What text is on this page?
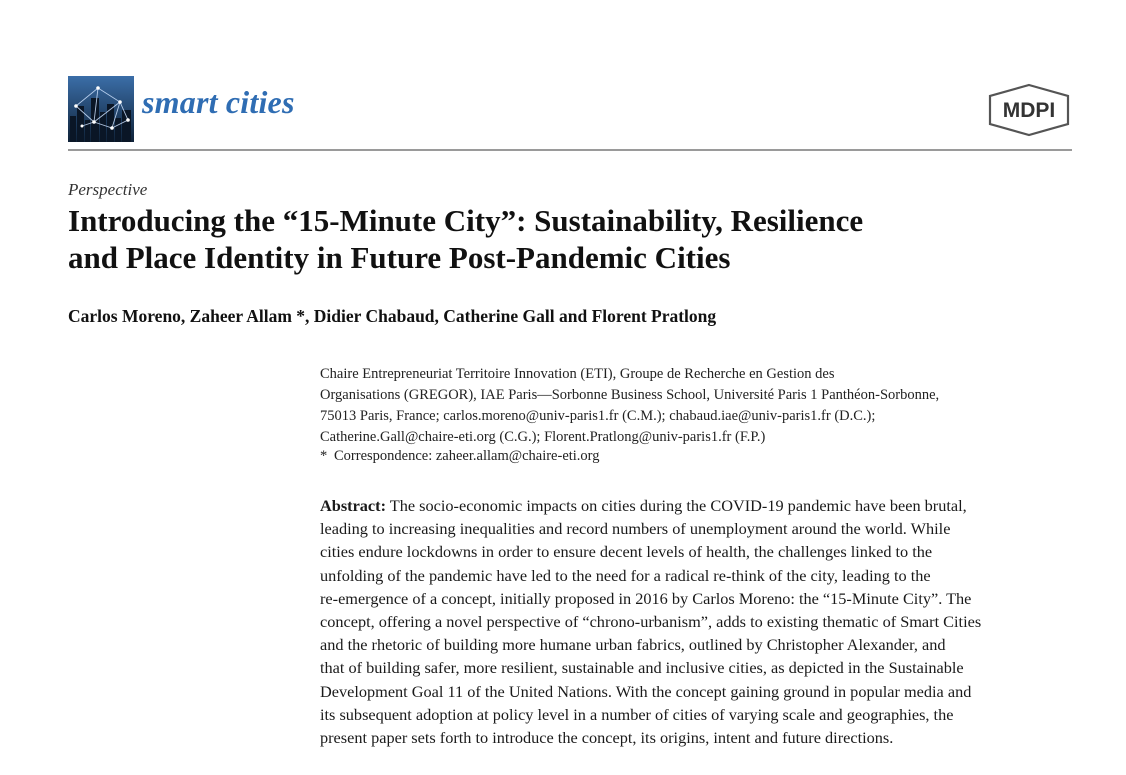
smart cities	MDPI
Perspective
Introducing the “15-Minute City”: Sustainability, Resilience
and Place Identity in Future Post-Pandemic Cities
Carlos Moreno, Zaheer Allam *, Didier Chabaud, Catherine Gall and Florent Pratlong

Chaire Entrepreneuriat Territoire Innovation (ETI), Groupe de Recherche en Gestion des

Organisations (GREGOR), IAE Paris—Sorbonne Business School, Université Paris 1 Panthéon-Sorbonne,

75013 Paris, France; carlos.moreno@univ-paris1.fr (C.M.); chabaud.iae@univ-paris1.fr (D.C.);

Catherine.Gall@chaire-eti.org (C.G.); Florent.Pratlong@univ-paris1.fr (F.P.)

* Correspondence: zaheer.allam@chaire-eti.org

Abstract: The socio-economic impacts on cities during the COVID-19 pandemic have been brutal,

leading to increasing inequalities and record numbers of unemployment around the world. While

cities endure lockdowns in order to ensure decent levels of health, the challenges linked to the

unfolding of the pandemic have led to the need for a radical re-think of the city, leading to the

re-emergence of a concept, initially proposed in 2016 by Carlos Moreno: the “15-Minute City”. The

concept, offering a novel perspective of “chrono-urbanism”, adds to existing thematic of Smart Cities

and the rhetoric of building more humane urban fabrics, outlined by Christopher Alexander, and

that of building safer, more resilient, sustainable and inclusive cities, as depicted in the Sustainable

Development Goal 11 of the United Nations. With the concept gaining ground in popular media and

its subsequent adoption at policy level in a number of cities of varying scale and geographies, the

present paper sets forth to introduce the concept, its origins, intent and future directions.
